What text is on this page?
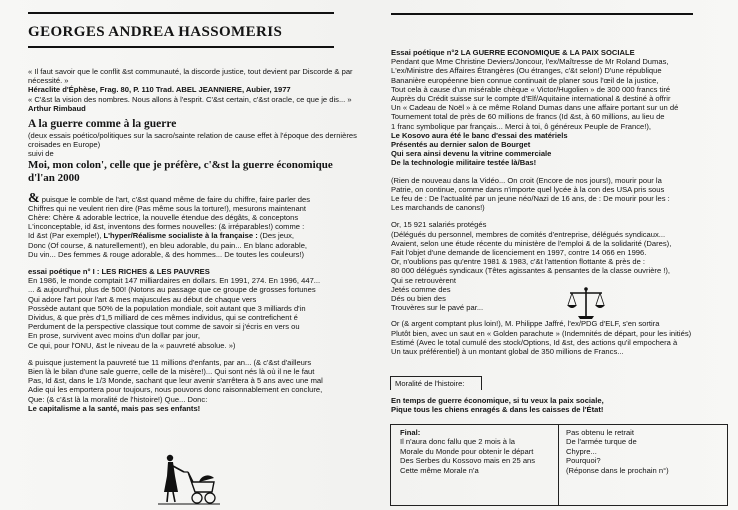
GEORGES ANDREA HASSOMERIS

« Il faut savoir que le conflit &st communauté, la discorde justice, tout devient par Discorde & par nécessité. »

Héraclite d'Éphèse, Frag. 80, P. 110 Trad. ABEL JEANNIERE, Aubier, 1977

« C'&st la vision des nombres. Nous allons à l'esprit. C'&st certain, c'&st oracle, ce que je dis... » Arthur Rimbaud

A la guerre comme à la guerre

(deux essais poético/politiques sur la sacro/sainte relation de cause effet à l'époque des dernières croisades en Europe)

suivi de

Moi, mon colon', celle que je préfère, c'&st la guerre économique

d'l'an 2000

& puisque le comble de l'art, c'&st quand même de faire du chiffre, faire parler des

Chiffres qui ne veulent rien dire (Pas même sous la torture!), mesurons maintenant

Chère: Chère & adorable lectrice, la nouvelle étendue des dégâts, & conceptons

L'inconceptable, id &st, inventons des formes nouvelles: (& irréparables!) comme :

Id &st (Par exemple!), L'hyper/Réalisme socialiste à la française : (Des jeux,

Donc (Of course, & naturellement!), en bleu adorable, du pain... En blanc adorable,

Du vin... Des femmes & rouge adorable, & des hommes... De toutes les couleurs!)

essai poétique n° I : LES RICHES & LES PAUVRES

En 1986, le monde comptait 147 milliardaires en dollars. En 1991, 274. En 1996, 447...

... & aujourd'hui, plus de 500! (Notons au passage que ce groupe de grosses fortunes

Qui adore l'art pour l'art & mes majuscules au début de chaque vers

Possède autant que 50% de la population mondiale, soit autant que 3 milliards d'in

Dividus, & que près d'1,5 milliard de ces mêmes individus, qui se contrefichent é

Perdument de la perspective classique tout comme de savoir si j'écris en vers ou

En prose, survivent avec moins d'un dollar par jour,

Ce qui, pour l'ONU, &st le niveau de la « pauvreté absolue. »)

& puisque justement la pauvreté tue 11 millions d'enfants, par an... (& c'&st d'ailleurs

Bien là le bilan d'une sale guerre, celle de la misère!)... Qui sont nés là où il ne le faut

Pas, Id &st, dans le 1/3 Monde, sachant que leur avenir s'arrêtera à 5 ans avec une mal

Adie qui les emportera pour toujours, nous pouvons donc raisonnablement en conclure,

Que: (& c'&st là la moralité de l'histoire!) Que... Donc:

Le capitalisme a la santé, mais pas ses enfants!

Essai poétique n°2 LA GUERRE ECONOMIQUE & LA PAIX SOCIALE

Pendant que Mme Christine Deviers/Joncour, l'ex/Maîtresse de Mr Roland Dumas,

L'ex/Ministre des Affaires Étrangères (Ou étranges, c'&t selon!) D'une république

Bananière européenne bien connue continuait de planer sous l'œil de la justice,

Tout cela à cause d'un misérable chèque « Victor/Hugolien » de 300 000 francs tiré

Auprès du Crédit suisse sur le compte d'Elf/Aquitaine international & destiné à offrir

Un « Cadeau de Noël » à ce même Roland Dumas dans une affaire portant sur un dé

Tournement total de près de 60 millions de francs (Id &st, à 60 millions, au lieu de

1 franc symbolique par français... Merci à toi, ô généreux Peuple de France!),

Le Kosovo aura été le banc d'essai des matériels

Présentés au dernier salon de Bourget

Qui sera ainsi devenu la vitrine commerciale

De la technologie militaire testée là/Bas!

(Rien de nouveau dans la Vidéo... On croit (Encore de nos jours!), mourir pour la

Patrie, on continue, comme dans n'importe quel lycée à la con des USA pris sous

Le feu de : De l'actualité par un jeune néo/Nazi de 16 ans, de : De mourir pour les :

Les marchands de canons!)

Or, 15 921 salariés protégés

(Délégués du personnel, membres de comités d'entreprise, délégués syndicaux...

Avaient, selon une étude récente du ministère de l'emploi & de la solidarité (Dares),

Fait l'objet d'une demande de licenciement en 1997, contre 14 066 en 1996.

Or, n'oublions pas qu'entre 1981 & 1983, c'&t l'attention flottante & près de :

80 000 délégués syndicaux (Têtes agissantes & pensantes de la classe ouvrière !),

Qui se retrouvèrent

Jetés comme des

Dés ou bien des

Trouvères sur le pavé par...

Or (& argent comptant plus loin!), M. Philippe Jaffré, l'ex/PDG d'ELF, s'en sortira

Plutôt bien, avec un saut en « Golden parachute » (Indemnités de départ, pour les initiés)

Estimé (Avec le total cumulé des stock/Options, Id &st, des actions qu'il empochera à

Un taux préférentiel) à un montant global de 350 millions de Francs...

Moralité de l'histoire:

En temps de guerre économique, si tu veux la paix sociale,

Pique tous les chiens enragés & dans les caisses de l'État!

Final:

Il n'aura donc fallu que 2 mois à la

Morale du Monde pour obtenir le départ

Des Serbes du Kossovo mais en 25 ans

Cette même Morale n'a

Pas obtenu le retrait

De l'armée turque de

Chypre...

Pourquoi?

(Réponse dans le prochain n°)
